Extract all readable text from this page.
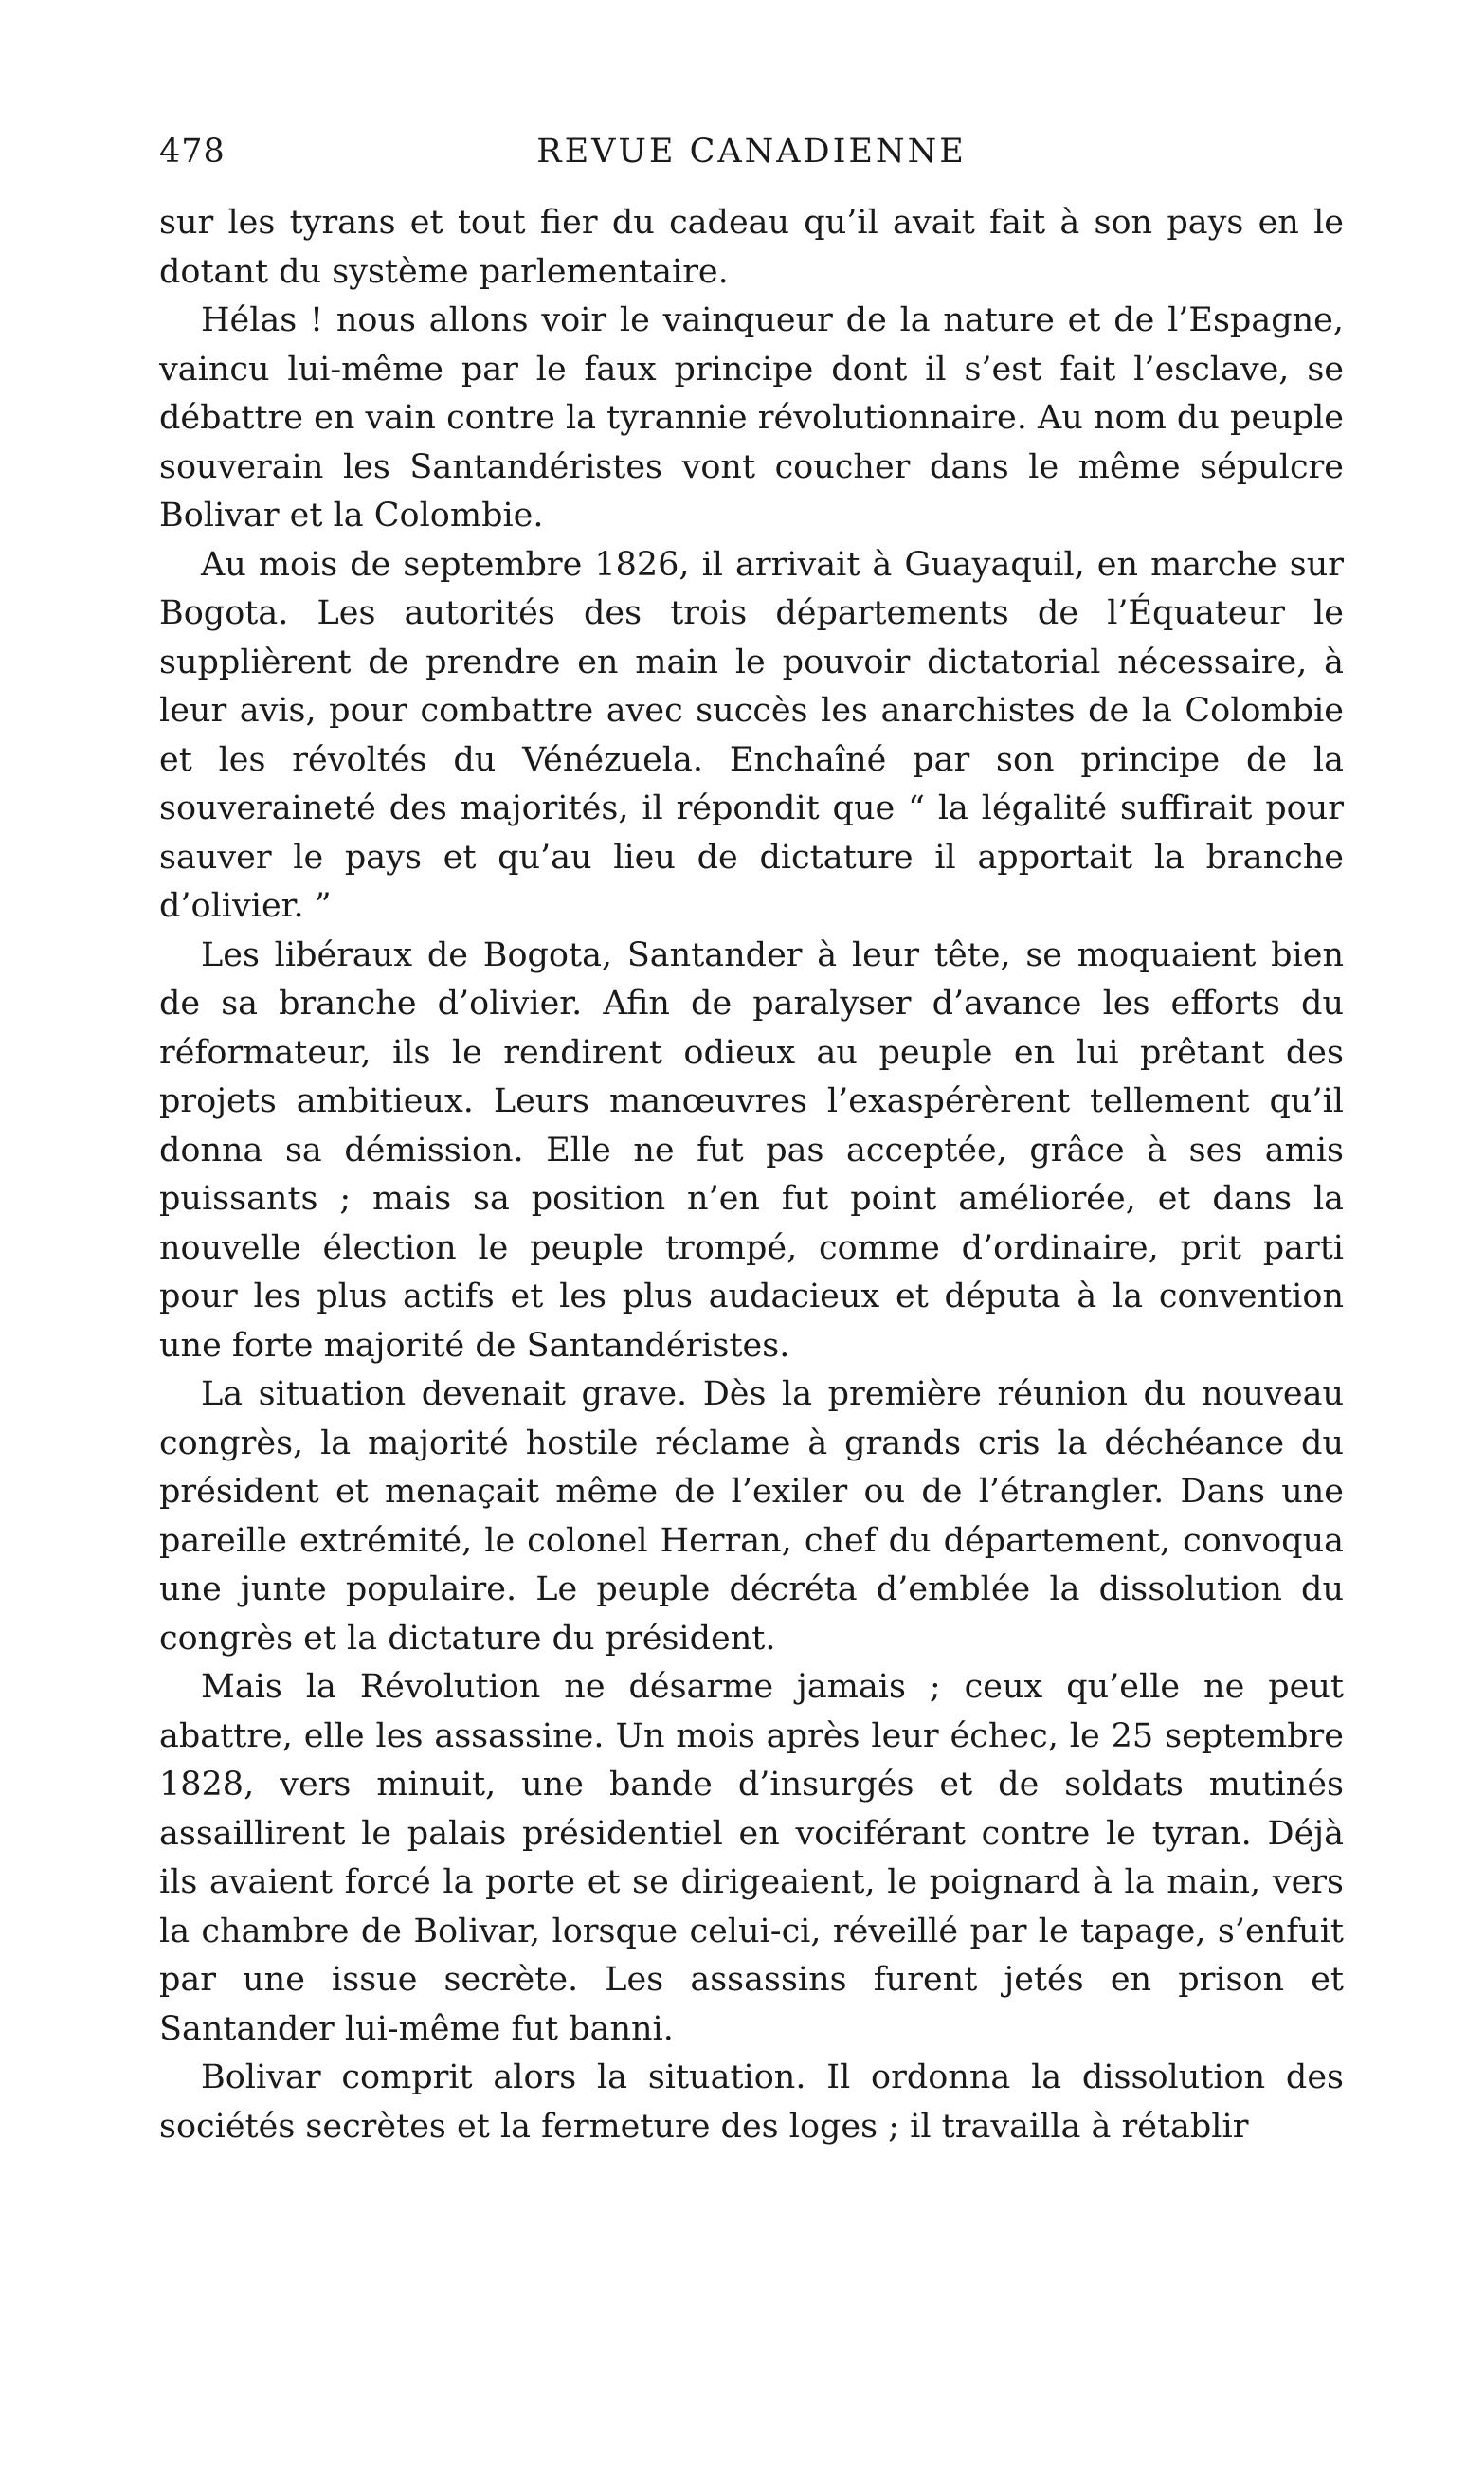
478	REVUE CANADIENNE

sur les tyrans et tout fier du cadeau qu’il avait fait à son pays en le dotant du système parlementaire.

Hélas ! nous allons voir le vainqueur de la nature et de l’Espagne, vaincu lui-même par le faux principe dont il s’est fait l’esclave, se débattre en vain contre la tyrannie révolutionnaire. Au nom du peuple souverain les Santandéristes vont coucher dans le même sépulcre Bolivar et la Colombie.

Au mois de septembre 1826, il arrivait à Guayaquil, en marche sur Bogota. Les autorités des trois départements de l’Équateur le supplièrent de prendre en main le pouvoir dictatorial nécessaire, à leur avis, pour combattre avec succès les anarchistes de la Colombie et les révoltés du Vénézuela. Enchaîné par son principe de la souveraineté des majorités, il répondit que “ la légalité suffirait pour sauver le pays et qu’au lieu de dictature il apportait la branche d’olivier. ”

Les libéraux de Bogota, Santander à leur tête, se moquaient bien de sa branche d’olivier. Afin de paralyser d’avance les efforts du réformateur, ils le rendirent odieux au peuple en lui prêtant des projets ambitieux. Leurs manœuvres l’exaspérèrent tellement qu’il donna sa démission. Elle ne fut pas acceptée, grâce à ses amis puissants ; mais sa position n’en fut point améliorée, et dans la nouvelle élection le peuple trompé, comme d’ordinaire, prit parti pour les plus actifs et les plus audacieux et députa à la convention une forte majorité de Santandéristes.

La situation devenait grave. Dès la première réunion du nouveau congrès, la majorité hostile réclame à grands cris la déchéance du président et menaçait même de l’exiler ou de l’étrangler. Dans une pareille extrémité, le colonel Herran, chef du département, convoqua une junte populaire. Le peuple décréta d’emblée la dissolution du congrès et la dictature du président.

Mais la Révolution ne désarme jamais ; ceux qu’elle ne peut abattre, elle les assassine. Un mois après leur échec, le 25 septembre 1828, vers minuit, une bande d’insurgés et de soldats mutinés assaillirent le palais présidentiel en vociférant contre le tyran. Déjà ils avaient forcé la porte et se dirigeaient, le poignard à la main, vers la chambre de Bolivar, lorsque celui-ci, réveillé par le tapage, s’enfuit par une issue secrète. Les assassins furent jetés en prison et Santander lui-même fut banni.

Bolivar comprit alors la situation. Il ordonna la dissolution des sociétés secrètes et la fermeture des loges ; il travailla à rétablir
